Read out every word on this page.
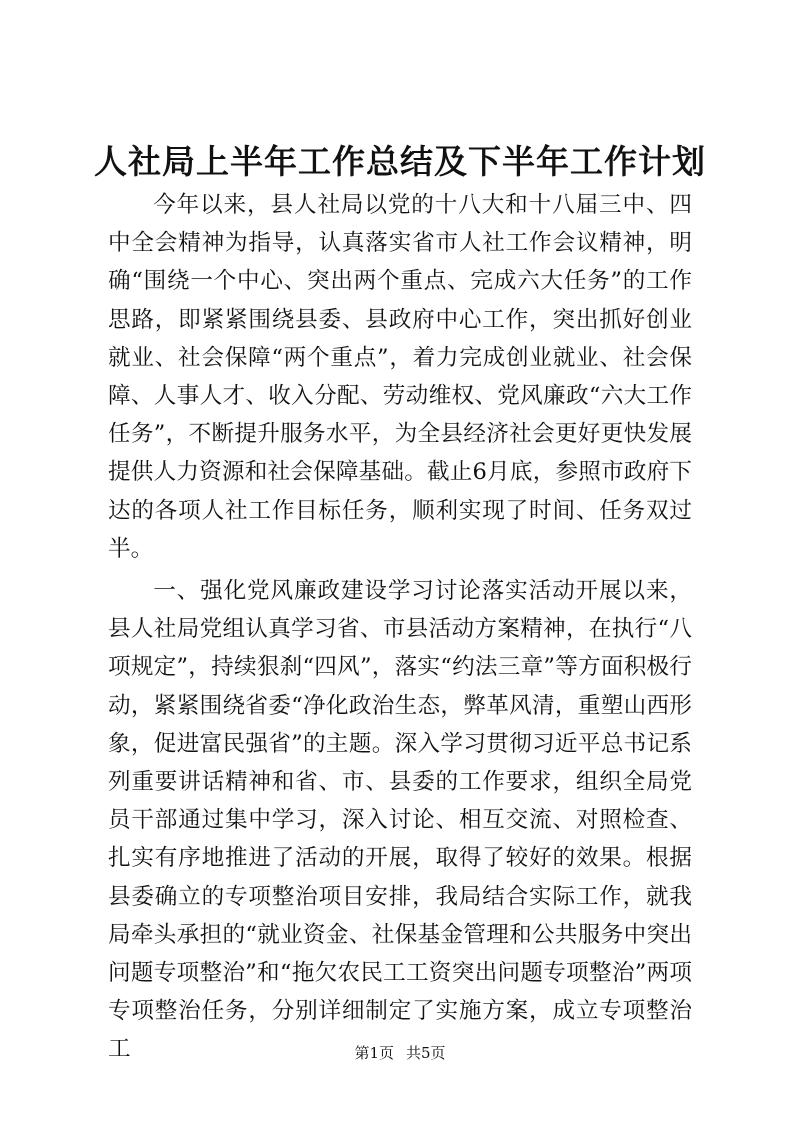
人社局上半年工作总结及下半年工作计划

今年以来，县人社局以党的十八大和十八届三中、四中全会精神为指导，认真落实省市人社工作会议精神，明确“围绕一个中心、突出两个重点、完成六大任务”的工作思路，即紧紧围绕县委、县政府中心工作，突出抓好创业就业、社会保障“两个重点”，着力完成创业就业、社会保障、人事人才、收入分配、劳动维权、党风廉政“六大工作任务”，不断提升服务水平，为全县经济社会更好更快发展提供人力资源和社会保障基础。截止6月底，参照市政府下达的各项人社工作目标任务，顺利实现了时间、任务双过半。

一、强化党风廉政建设学习讨论落实活动开展以来，县人社局党组认真学习省、市县活动方案精神，在执行“八项规定”，持续狠刹“四风”，落实“约法三章”等方面积极行动，紧紧围绕省委“净化政治生态，弊革风清，重塑山西形象，促进富民强省”的主题。深入学习贯彻习近平总书记系列重要讲话精神和省、市、县委的工作要求，组织全局党员干部通过集中学习，深入讨论、相互交流、对照检查、扎实有序地推进了活动的开展，取得了较好的效果。根据县委确立的专项整治项目安排，我局结合实际工作，就我局牵头承担的“就业资金、社保基金管理和公共服务中突出问题专项整治”和“拖欠农民工工资突出问题专项整治”两项专项整治任务，分别详细制定了实施方案，成立专项整治工	第1页 共5页
